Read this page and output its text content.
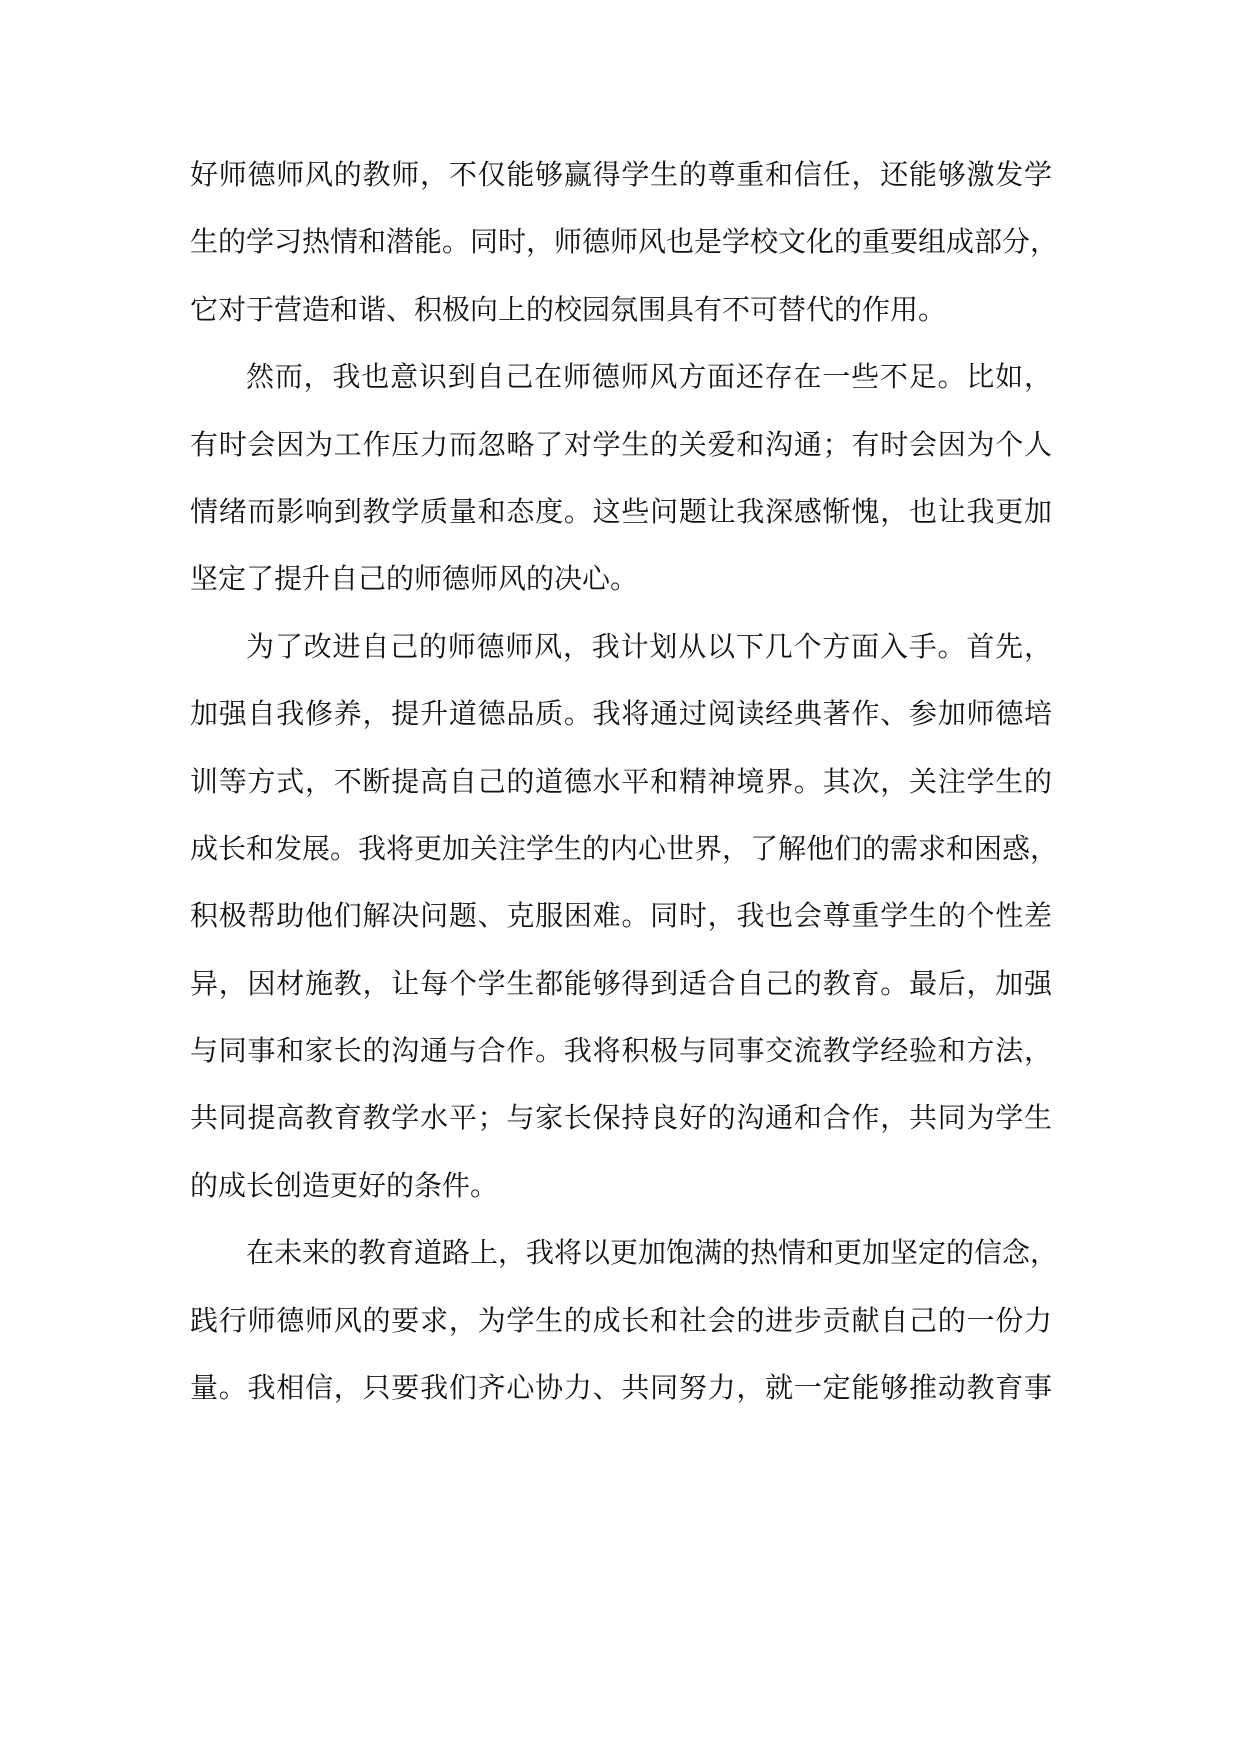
好师德师风的教师，不仅能够赢得学生的尊重和信任，还能够激发学
生的学习热情和潜能。同时，师德师风也是学校文化的重要组成部分，
它对于营造和谐、积极向上的校园氛围具有不可替代的作用。
然而，我也意识到自己在师德师风方面还存在一些不足。比如，
有时会因为工作压力而忽略了对学生的关爱和沟通；有时会因为个人
情绪而影响到教学质量和态度。这些问题让我深感惭愧，也让我更加
坚定了提升自己的师德师风的决心。
为了改进自己的师德师风，我计划从以下几个方面入手。首先，
加强自我修养，提升道德品质。我将通过阅读经典著作、参加师德培
训等方式，不断提高自己的道德水平和精神境界。其次，关注学生的
成长和发展。我将更加关注学生的内心世界，了解他们的需求和困惑，
积极帮助他们解决问题、克服困难。同时，我也会尊重学生的个性差
异，因材施教，让每个学生都能够得到适合自己的教育。最后，加强
与同事和家长的沟通与合作。我将积极与同事交流教学经验和方法，
共同提高教育教学水平；与家长保持良好的沟通和合作，共同为学生
的成长创造更好的条件。
在未来的教育道路上，我将以更加饱满的热情和更加坚定的信念，
践行师德师风的要求，为学生的成长和社会的进步贡献自己的一份力
量。我相信，只要我们齐心协力、共同努力，就一定能够推动教育事
